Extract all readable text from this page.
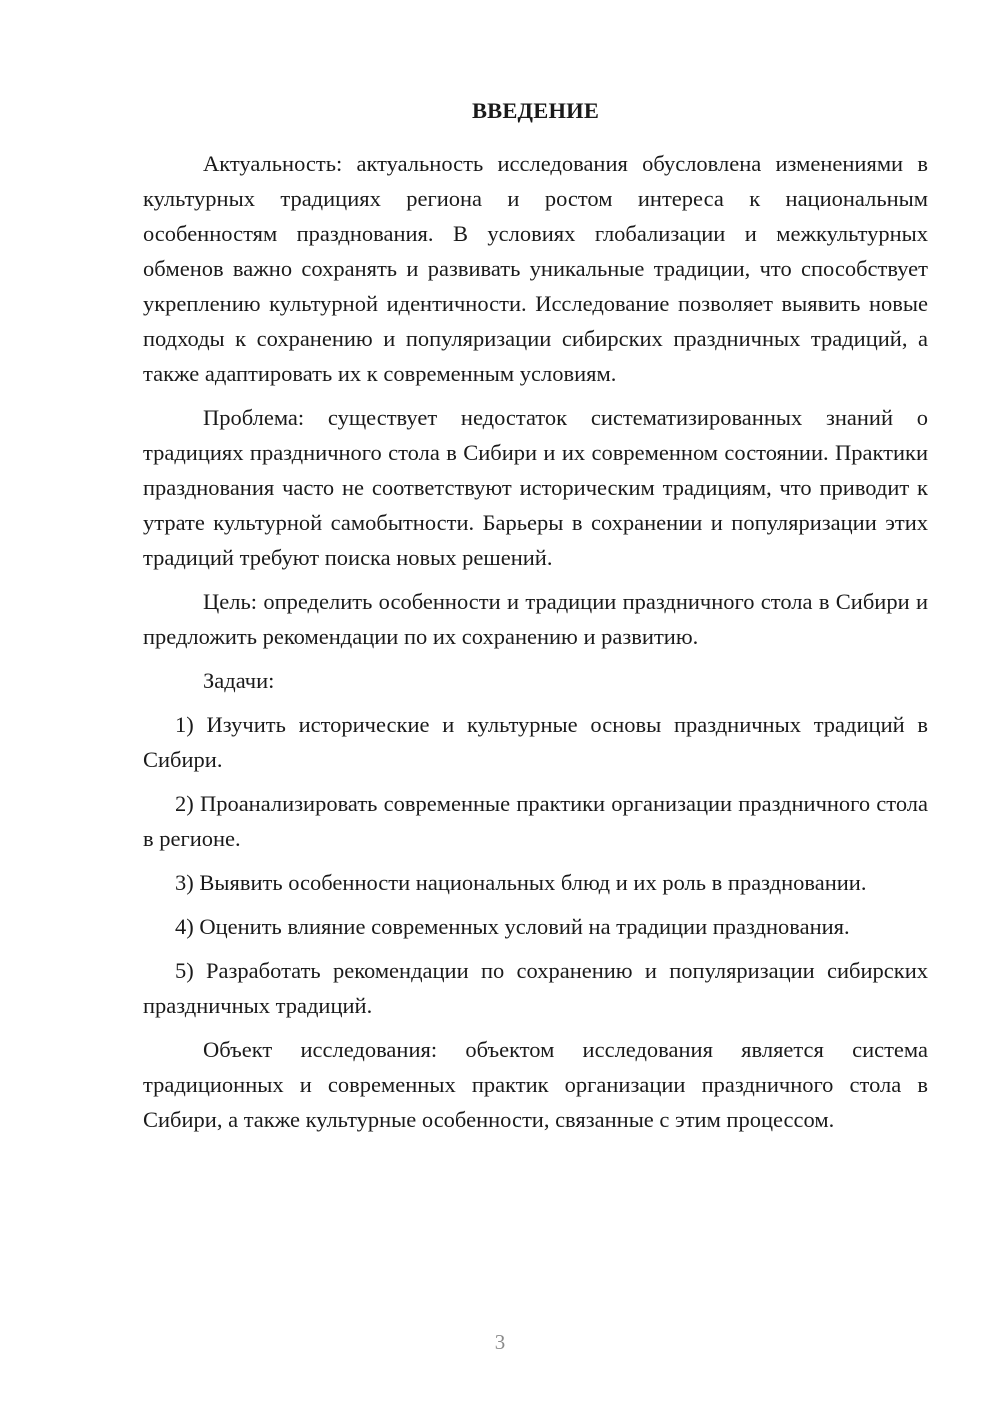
ВВЕДЕНИЕ

Актуальность: актуальность исследования обусловлена изменениями в культурных традициях региона и ростом интереса к национальным особенностям празднования. В условиях глобализации и межкультурных обменов важно сохранять и развивать уникальные традиции, что способствует укреплению культурной идентичности. Исследование позволяет выявить новые подходы к сохранению и популяризации сибирских праздничных традиций, а также адаптировать их к современным условиям.

Проблема: существует недостаток систематизированных знаний о традициях праздничного стола в Сибири и их современном состоянии. Практики празднования часто не соответствуют историческим традициям, что приводит к утрате культурной самобытности. Барьеры в сохранении и популяризации этих традиций требуют поиска новых решений.

Цель: определить особенности и традиции праздничного стола в Сибири и предложить рекомендации по их сохранению и развитию.

Задачи:

1) Изучить исторические и культурные основы праздничных традиций в Сибири.

2) Проанализировать современные практики организации праздничного стола в регионе.

3) Выявить особенности национальных блюд и их роль в праздновании.

4) Оценить влияние современных условий на традиции празднования.

5) Разработать рекомендации по сохранению и популяризации сибирских праздничных традиций.

Объект исследования: объектом исследования является система традиционных и современных практик организации праздничного стола в Сибири, а также культурные особенности, связанные с этим процессом.

3
